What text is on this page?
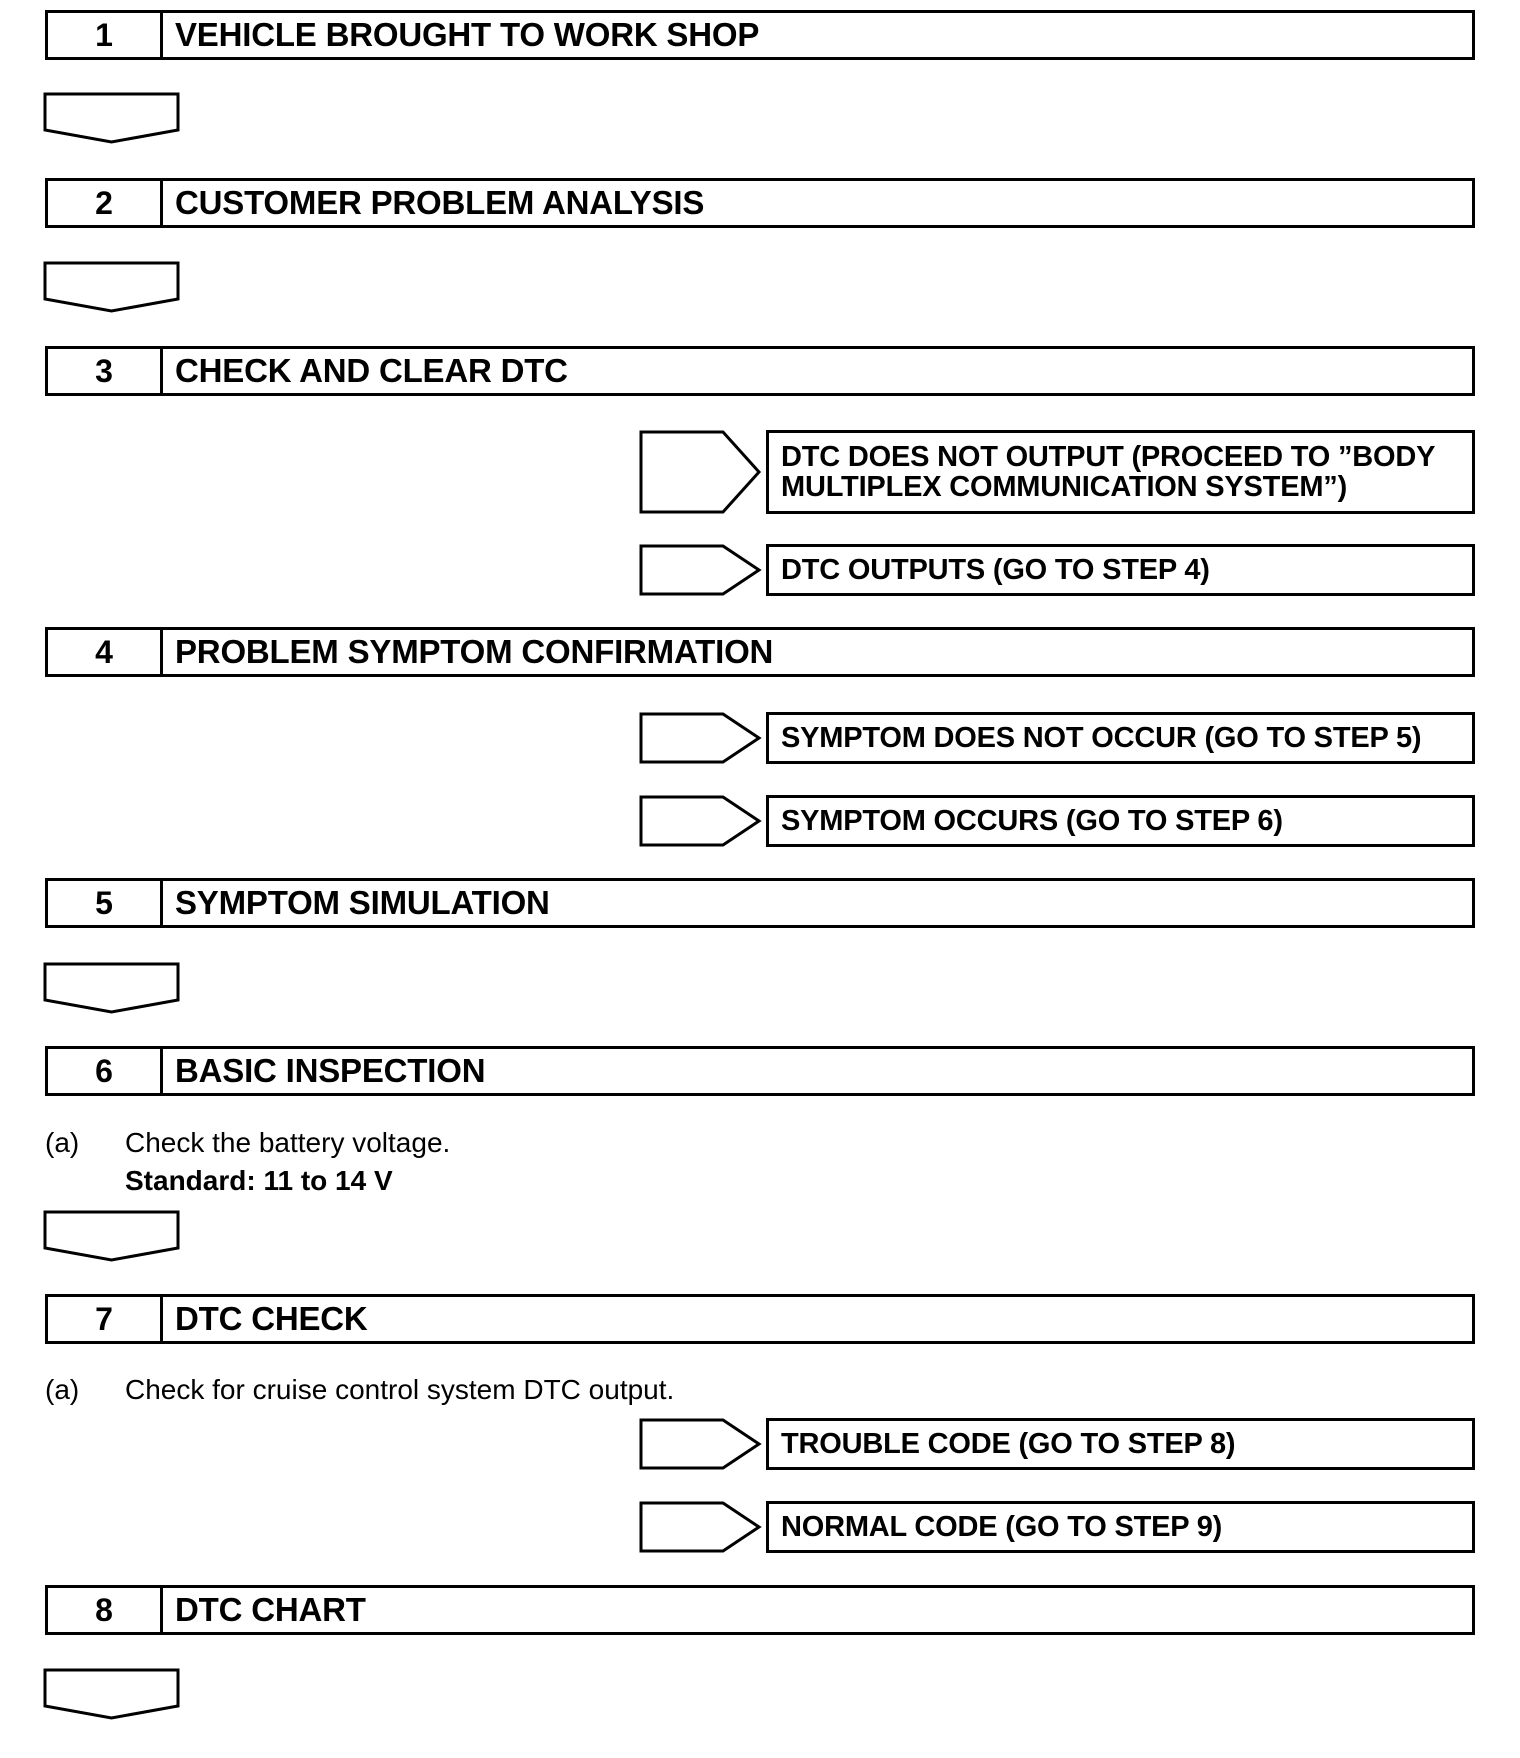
1	VEHICLE BROUGHT TO WORK SHOP
2	CUSTOMER PROBLEM ANALYSIS
3	CHECK AND CLEAR DTC
DTC DOES NOT OUTPUT (PROCEED TO ”BODY MULTIPLEX COMMUNICATION SYSTEM”)
DTC OUTPUTS (GO TO STEP 4)
4	PROBLEM SYMPTOM CONFIRMATION
SYMPTOM DOES NOT OCCUR (GO TO STEP 5)
SYMPTOM OCCURS (GO TO STEP 6)
5	SYMPTOM SIMULATION
6	BASIC INSPECTION
(a) Check the battery voltage.
Standard: 11 to 14 V
7	DTC CHECK
(a) Check for cruise control system DTC output.
TROUBLE CODE (GO TO STEP 8)
NORMAL CODE (GO TO STEP 9)
8	DTC CHART
